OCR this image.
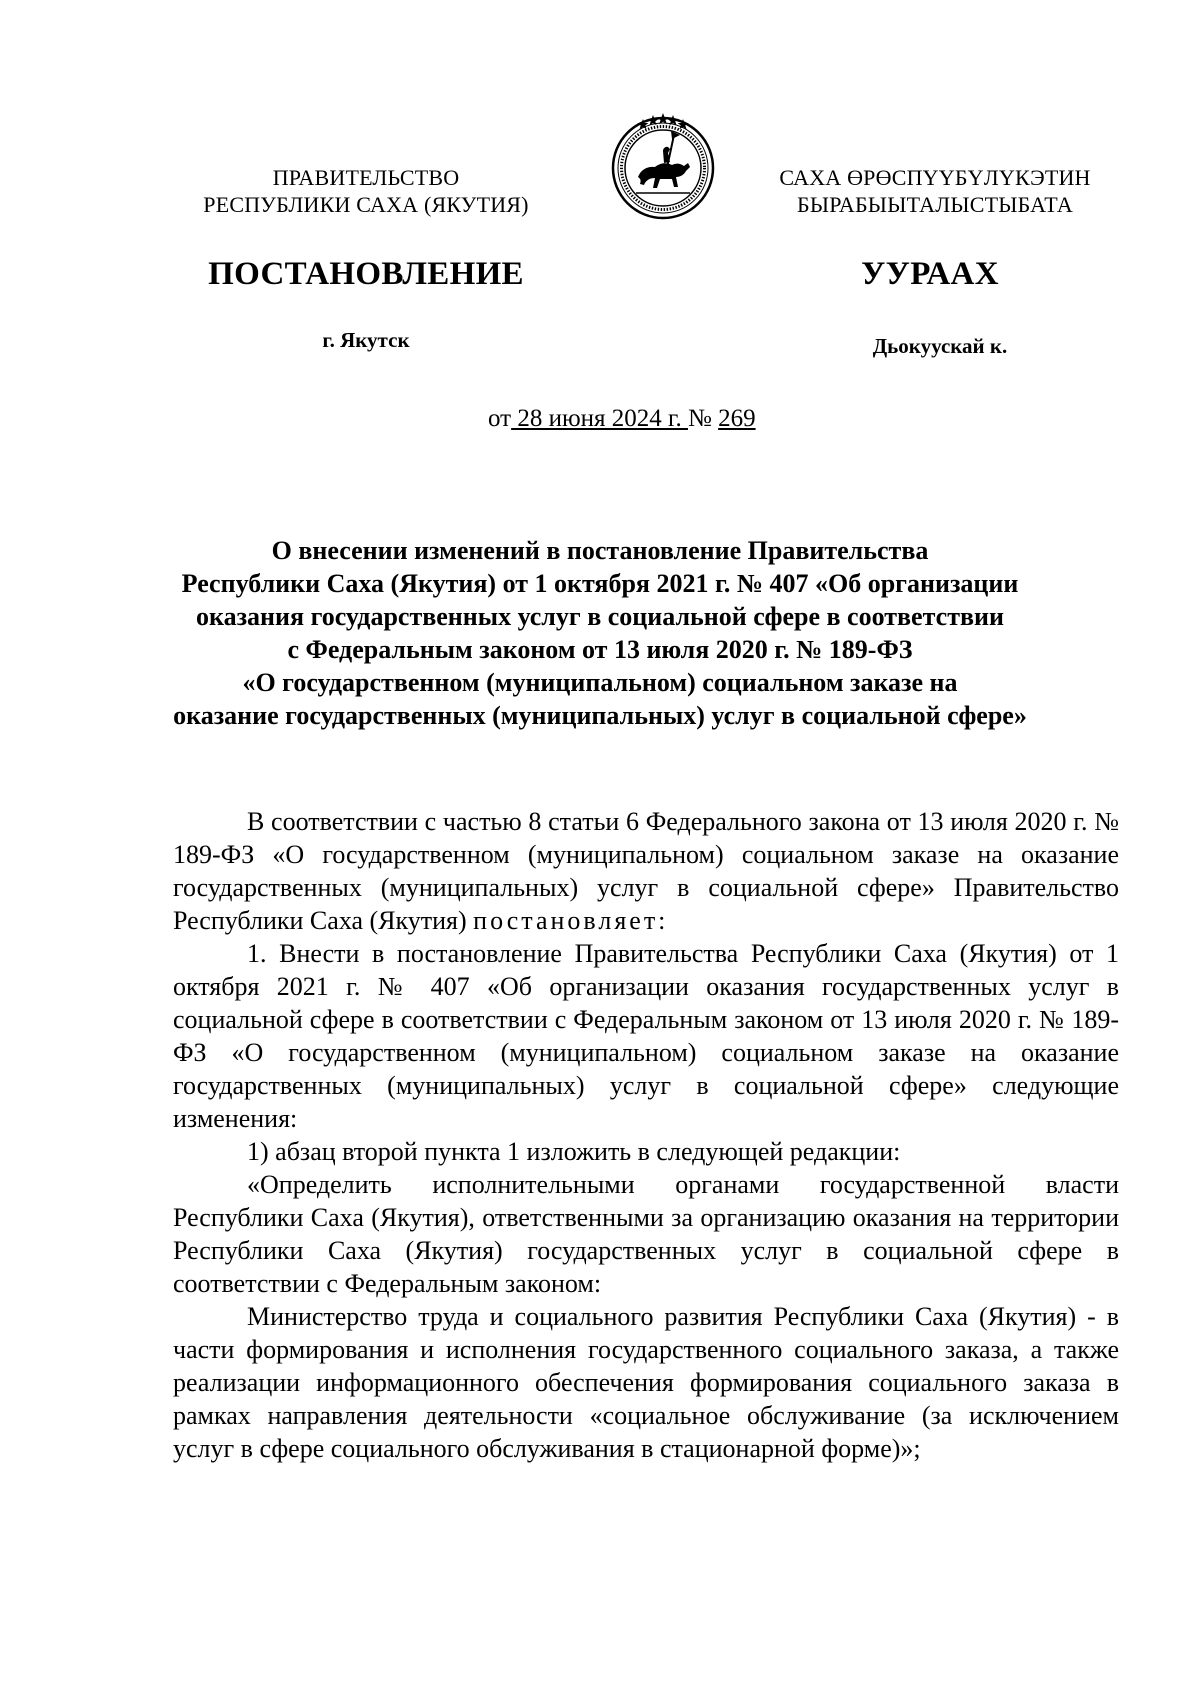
ПРАВИТЕЛЬСТВО
РЕСПУБЛИКИ САХА (ЯКУТИЯ)
САХА ӨРӨСПҮҮБҮЛҮКЭТИН
БЫРАБЫЫТАЛЫСТЫБАТА
ПОСТАНОВЛЕНИЕ	УУРААХ
г. Якутск	Дьокуускай к.
от 28 июня 2024 г. № 269
О внесении изменений в постановление Правительства
Республики Саха (Якутия) от 1 октября 2021 г. № 407 «Об организации
оказания государственных услуг в социальной сфере в соответствии
с Федеральным законом от 13 июля 2020 г. № 189-ФЗ
«О государственном (муниципальном) социальном заказе на
оказание государственных (муниципальных) услуг в социальной сфере»

В соответствии с частью 8 статьи 6 Федерального закона от 13 июля 2020 г. № 189-ФЗ «О государственном (муниципальном) социальном заказе на оказание государственных (муниципальных) услуг в социальной сфере» Правительство Республики Саха (Якутия) постановляет:

1. Внести в постановление Правительства Республики Саха (Якутия) от 1 октября 2021 г. № 407 «Об организации оказания государственных услуг в социальной сфере в соответствии с Федеральным законом от 13 июля 2020 г. № 189-ФЗ «О государственном (муниципальном) социальном заказе на оказание государственных (муниципальных) услуг в социальной сфере» следующие изменения:

1) абзац второй пункта 1 изложить в следующей редакции:

«Определить исполнительными органами государственной власти Республики Саха (Якутия), ответственными за организацию оказания на территории Республики Саха (Якутия) государственных услуг в социальной сфере в соответствии с Федеральным законом:

Министерство труда и социального развития Республики Саха (Якутия) - в части формирования и исполнения государственного социального заказа, а также реализации информационного обеспечения формирования социального заказа в рамках направления деятельности «социальное обслуживание (за исключением услуг в сфере социального обслуживания в стационарной форме)»;
